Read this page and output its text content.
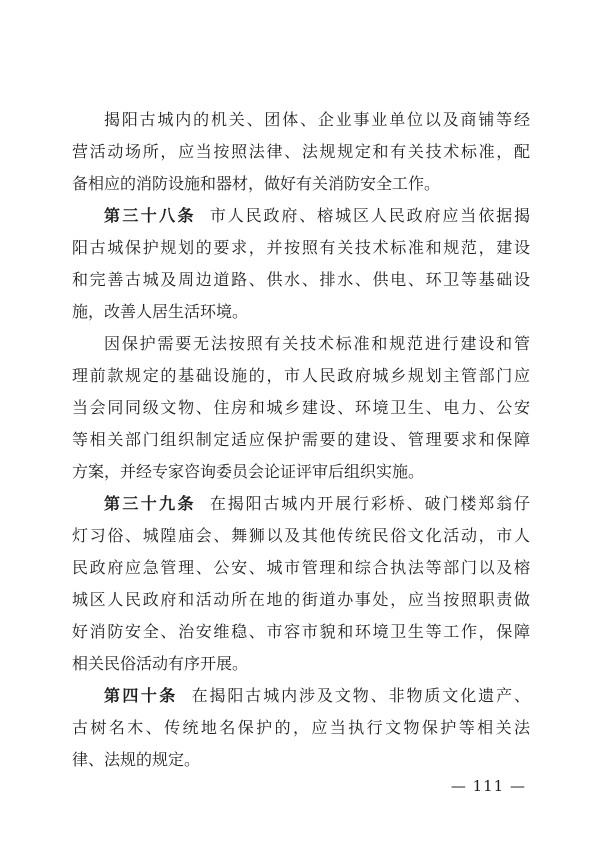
揭阳古城内的机关、团体、企业事业单位以及商铺等经
营活动场所，应当按照法律、法规规定和有关技术标准，配
备相应的消防设施和器材，做好有关消防安全工作。
第三十八条 市人民政府、榕城区人民政府应当依据揭
阳古城保护规划的要求，并按照有关技术标准和规范，建设
和完善古城及周边道路、供水、排水、供电、环卫等基础设
施，改善人居生活环境。
因保护需要无法按照有关技术标准和规范进行建设和管
理前款规定的基础设施的，市人民政府城乡规划主管部门应
当会同同级文物、住房和城乡建设、环境卫生、电力、公安
等相关部门组织制定适应保护需要的建设、管理要求和保障
方案，并经专家咨询委员会论证评审后组织实施。
第三十九条 在揭阳古城内开展行彩桥、破门楼郑翁仔
灯习俗、城隍庙会、舞狮以及其他传统民俗文化活动，市人
民政府应急管理、公安、城市管理和综合执法等部门以及榕
城区人民政府和活动所在地的街道办事处，应当按照职责做
好消防安全、治安维稳、市容市貌和环境卫生等工作，保障
相关民俗活动有序开展。
第四十条 在揭阳古城内涉及文物、非物质文化遗产、
古树名木、传统地名保护的，应当执行文物保护等相关法
律、法规的规定。
— 111 —
